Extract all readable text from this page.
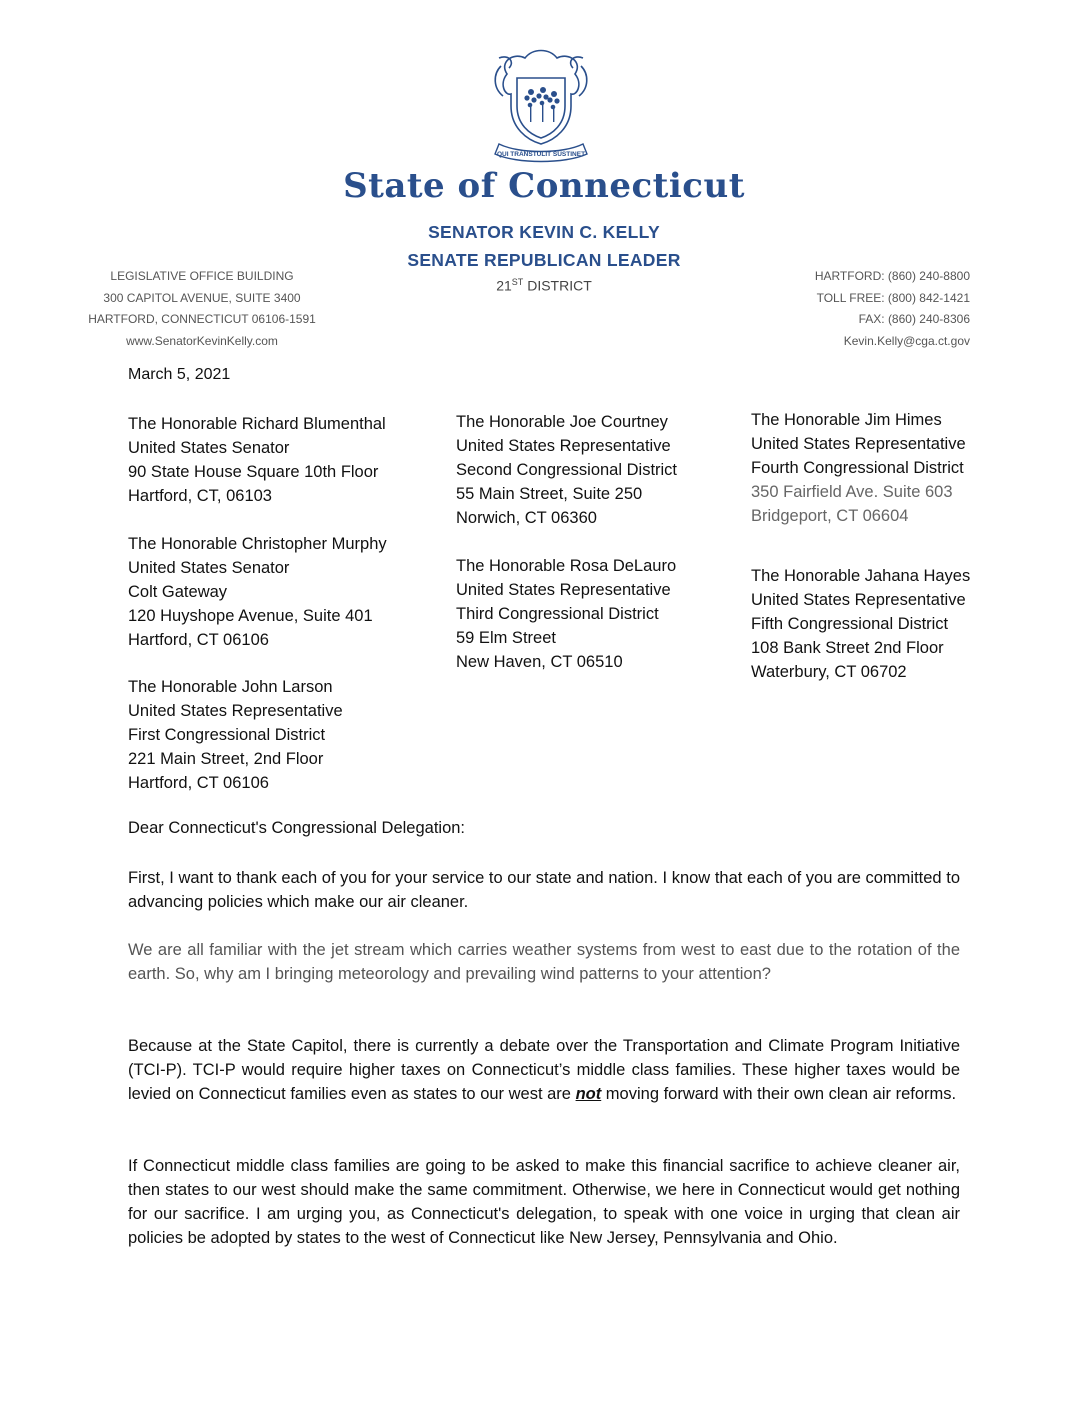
QUI TRANSTULIT SUSTINET
State of Connecticut
SENATOR KEVIN C. KELLY
SENATE REPUBLICAN LEADER
21ST DISTRICT
LEGISLATIVE OFFICE BUILDING
300 CAPITOL AVENUE, SUITE 3400
HARTFORD, CONNECTICUT 06106-1591
www.SenatorKevinKelly.com
HARTFORD: (860) 240-8800
TOLL FREE: (800) 842-1421
FAX: (860) 240-8306
Kevin.Kelly@cga.ct.gov
March 5, 2021
The Honorable Richard Blumenthal
United States Senator
90 State House Square 10th Floor
Hartford, CT, 06103
The Honorable Christopher Murphy
United States Senator
Colt Gateway
120 Huyshope Avenue, Suite 401
Hartford, CT 06106
The Honorable John Larson
United States Representative
First Congressional District
221 Main Street, 2nd Floor
Hartford, CT 06106
The Honorable Joe Courtney
United States Representative
Second Congressional District
55 Main Street, Suite 250
Norwich, CT 06360
The Honorable Rosa DeLauro
United States Representative
Third Congressional District
59 Elm Street
New Haven, CT 06510
The Honorable Jim Himes
United States Representative
Fourth Congressional District
350 Fairfield Ave. Suite 603
Bridgeport, CT 06604
The Honorable Jahana Hayes
United States Representative
Fifth Congressional District
108 Bank Street 2nd Floor
Waterbury, CT 06702
Dear Connecticut's Congressional Delegation:

First, I want to thank each of you for your service to our state and nation. I know that each of you are committed to advancing policies which make our air cleaner.

We are all familiar with the jet stream which carries weather systems from west to east due to the rotation of the earth. So, why am I bringing meteorology and prevailing wind patterns to your attention?

Because at the State Capitol, there is currently a debate over the Transportation and Climate Program Initiative (TCI-P). TCI-P would require higher taxes on Connecticut’s middle class families. These higher taxes would be levied on Connecticut families even as states to our west are not moving forward with their own clean air reforms.

If Connecticut middle class families are going to be asked to make this financial sacrifice to achieve cleaner air, then states to our west should make the same commitment. Otherwise, we here in Connecticut would get nothing for our sacrifice. I am urging you, as Connecticut's delegation, to speak with one voice in urging that clean air policies be adopted by states to the west of Connecticut like New Jersey, Pennsylvania and Ohio.
